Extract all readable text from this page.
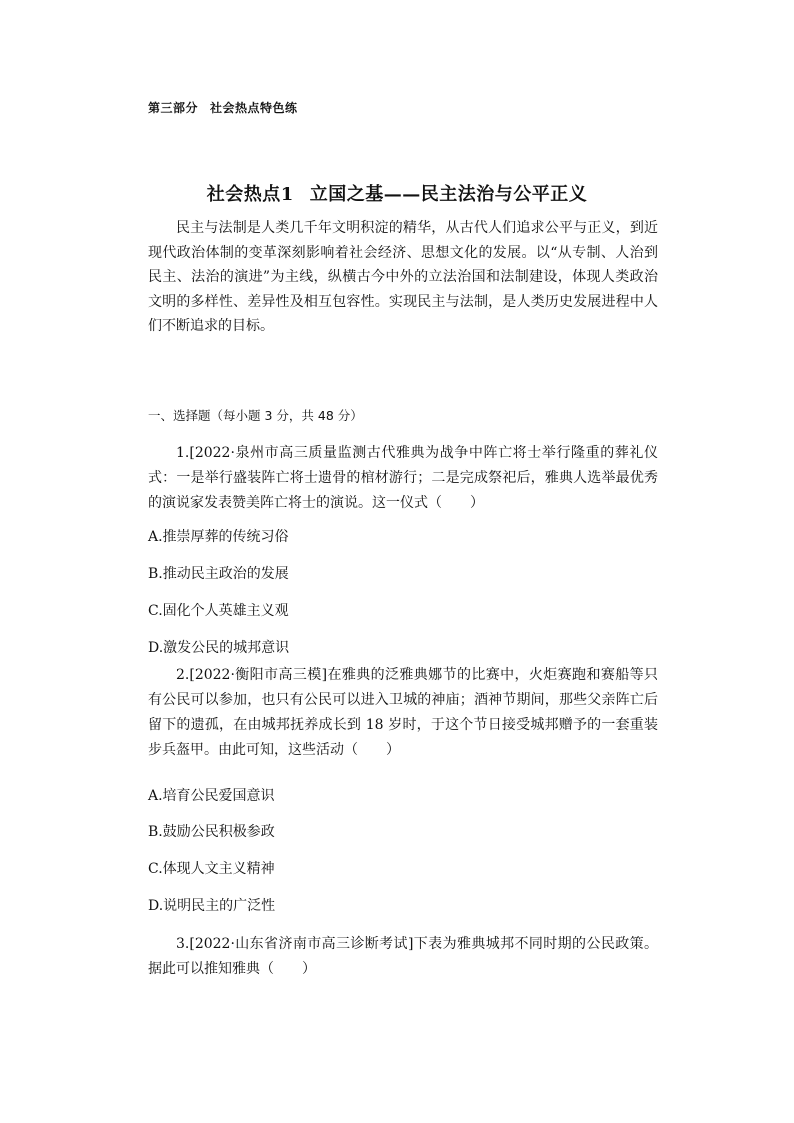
第三部分 社会热点特色练
社会热点1 立国之基——民主法治与公平正义

民主与法制是人类几千年文明积淀的精华，从古代人们追求公平与正义，到近现代政治体制的变革深刻影响着社会经济、思想文化的发展。以“从专制、人治到民主、法治的演进”为主线，纵横古今中外的立法治国和法制建设，体现人类政治文明的多样性、差异性及相互包容性。实现民主与法制，是人类历史发展进程中人们不断追求的目标。

一、选择题（每小题 3 分，共 48 分）

1.[2022·泉州市高三质量监测古代雅典为战争中阵亡将士举行隆重的葬礼仪式：一是举行盛装阵亡将士遗骨的棺材游行；二是完成祭祀后，雅典人选举最优秀的演说家发表赞美阵亡将士的演说。这一仪式（　　）

A.推崇厚葬的传统习俗
B.推动民主政治的发展
C.固化个人英雄主义观
D.激发公民的城邦意识

2.[2022·衡阳市高三模]在雅典的泛雅典娜节的比赛中，火炬赛跑和赛船等只有公民可以参加，也只有公民可以进入卫城的神庙；酒神节期间，那些父亲阵亡后留下的遗孤，在由城邦抚养成长到 18 岁时，于这个节日接受城邦赠予的一套重装步兵盔甲。由此可知，这些活动（　　）

A.培育公民爱国意识
B.鼓励公民积极参政
C.体现人文主义精神
D.说明民主的广泛性

3.[2022·山东省济南市高三诊断考试]下表为雅典城邦不同时期的公民政策。据此可以推知雅典（　　）
